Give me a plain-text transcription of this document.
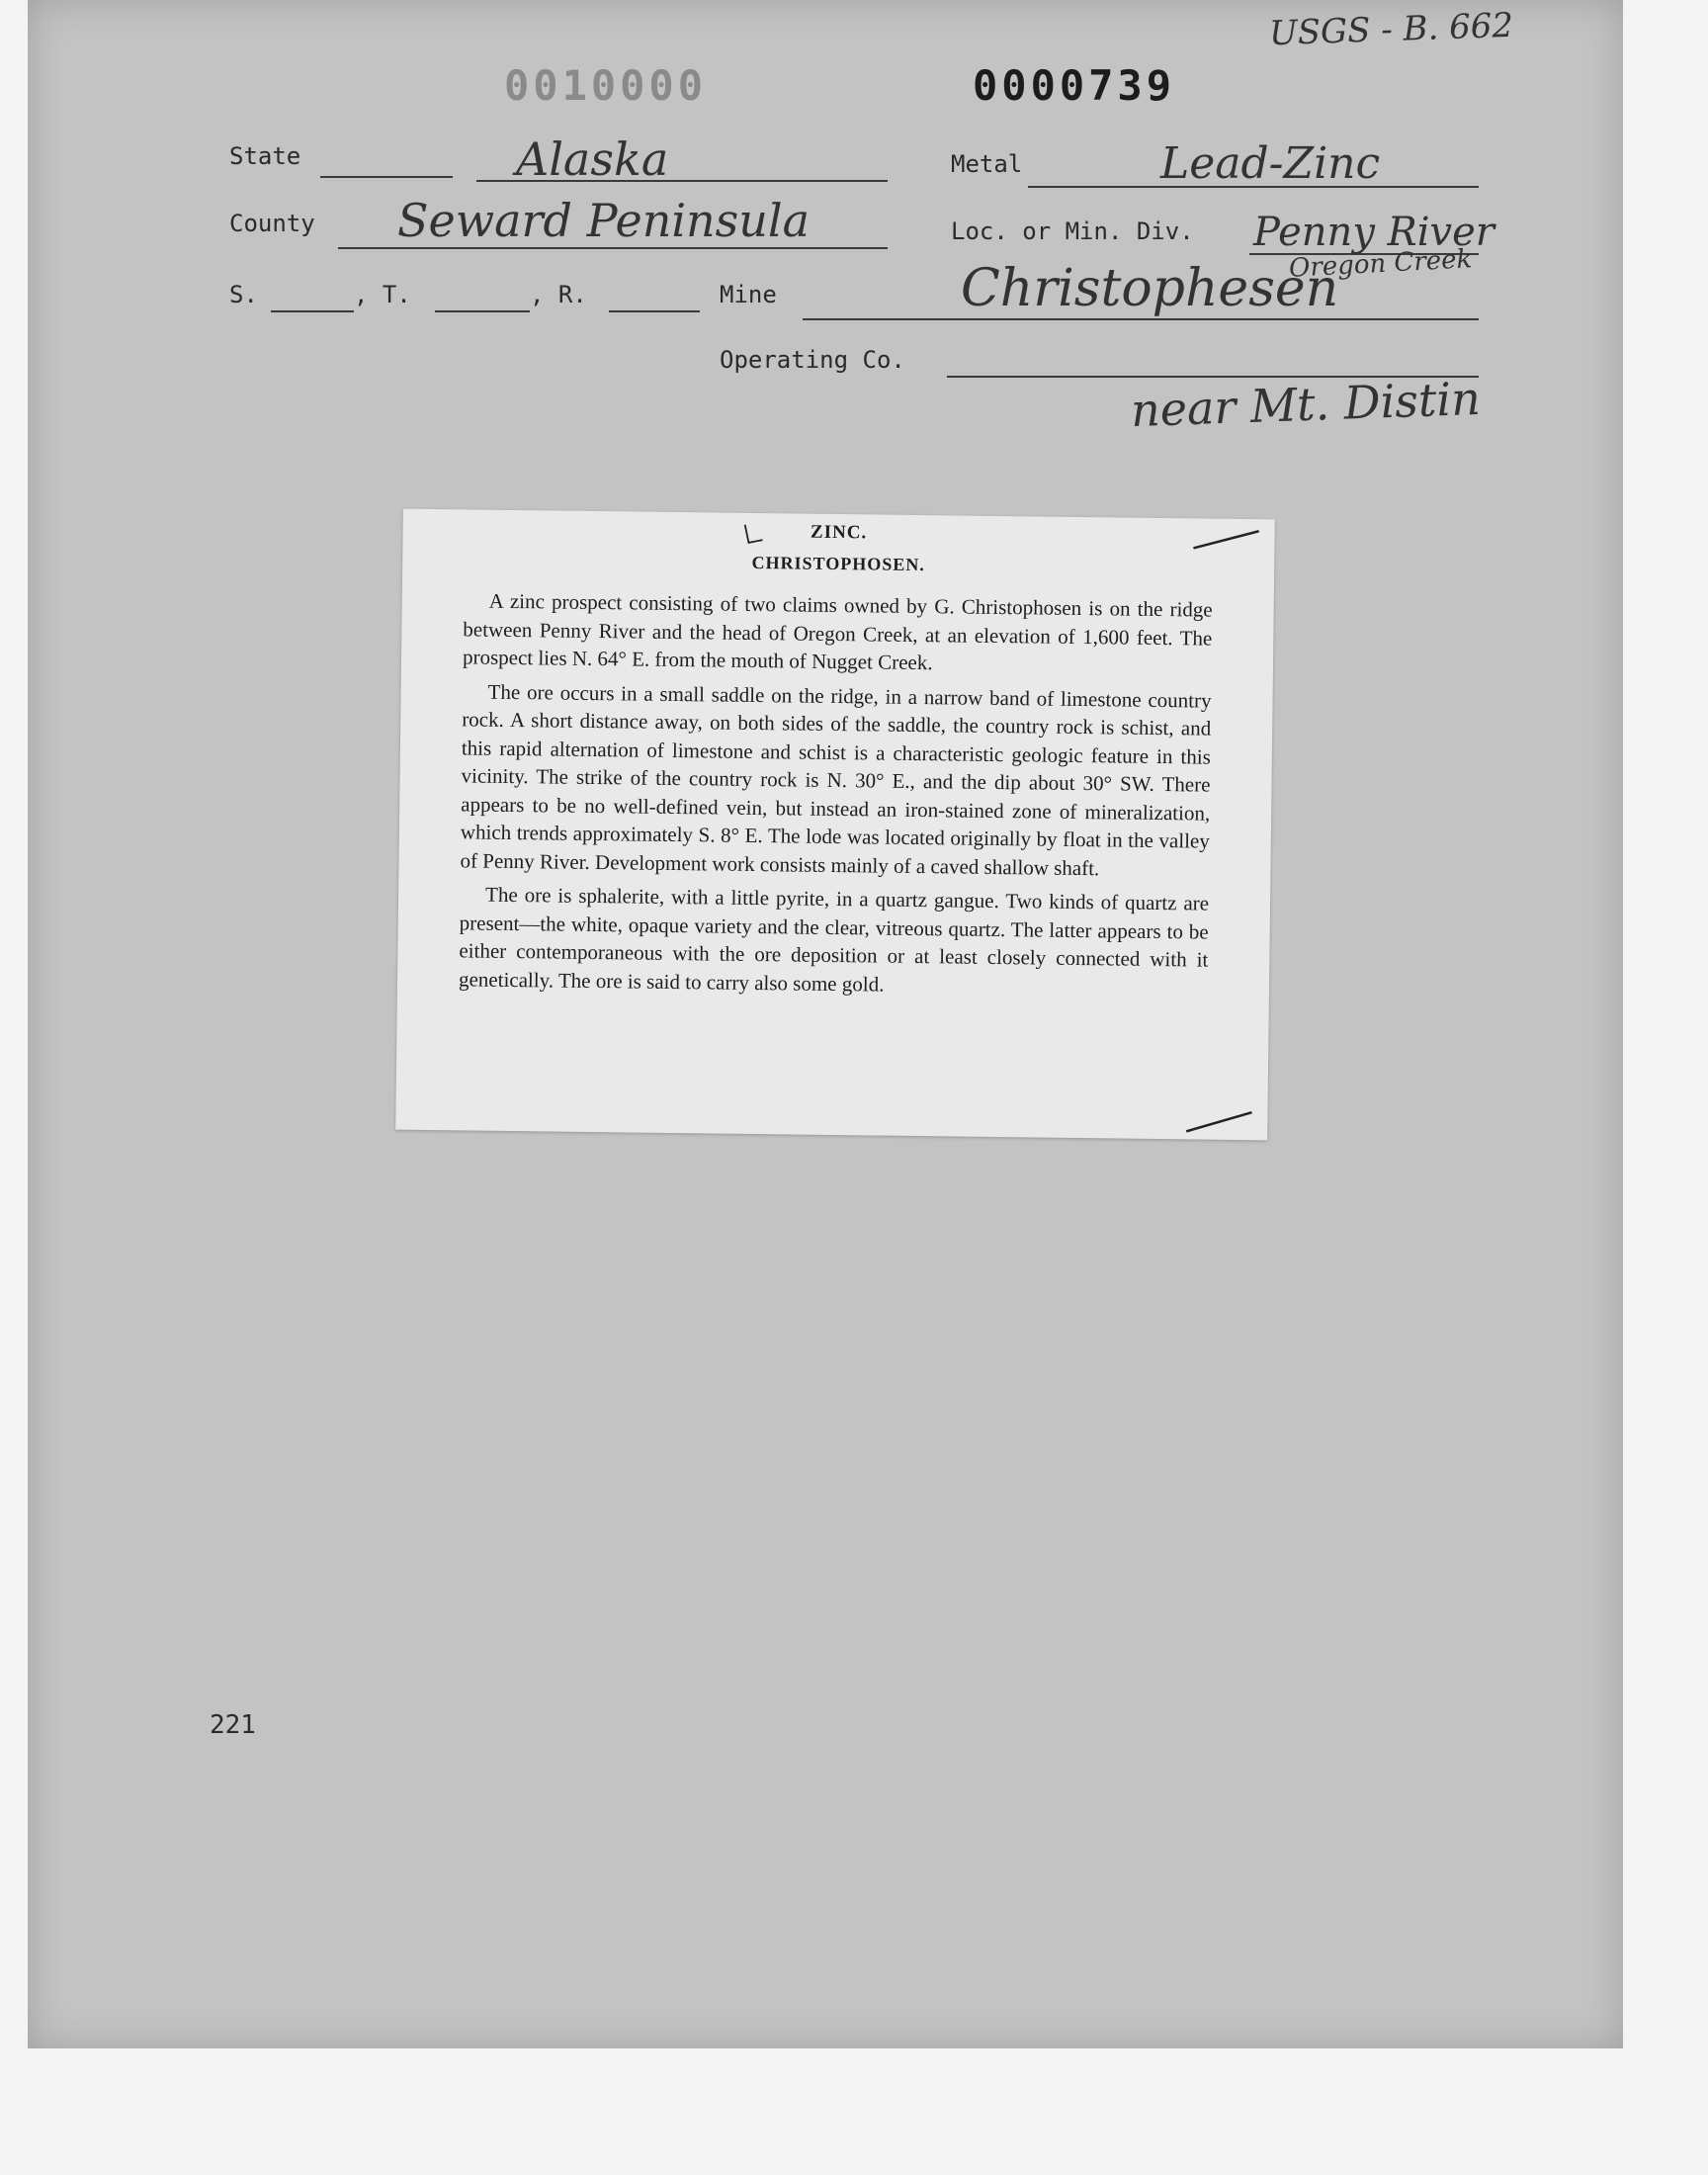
USGS - B. 662
0010000	0000739
State	Alaska	Metal	Lead-Zinc
County Seward Peninsula	Loc. or Min. Div. Penny River
Oregon Creek
S.	, T.	, R.	Mine	Christophesen
Operating Co.
near Mt. Distin
ZINC.
CHRISTOPHOSEN.

A zinc prospect consisting of two claims owned by G. Christophosen is on the ridge between Penny River and the head of Oregon Creek, at an elevation of 1,600 feet. The prospect lies N. 64° E. from the mouth of Nugget Creek.

The ore occurs in a small saddle on the ridge, in a narrow band of limestone country rock. A short distance away, on both sides of the saddle, the country rock is schist, and this rapid alternation of limestone and schist is a characteristic geologic feature in this vicinity. The strike of the country rock is N. 30° E., and the dip about 30° SW. There appears to be no well-defined vein, but instead an iron-stained zone of mineralization, which trends approximately S. 8° E. The lode was located originally by float in the valley of Penny River. Development work consists mainly of a caved shallow shaft.

The ore is sphalerite, with a little pyrite, in a quartz gangue. Two kinds of quartz are present—the white, opaque variety and the clear, vitreous quartz. The latter appears to be either contemporaneous with the ore deposition or at least closely connected with it genetically. The ore is said to carry also some gold.

221
